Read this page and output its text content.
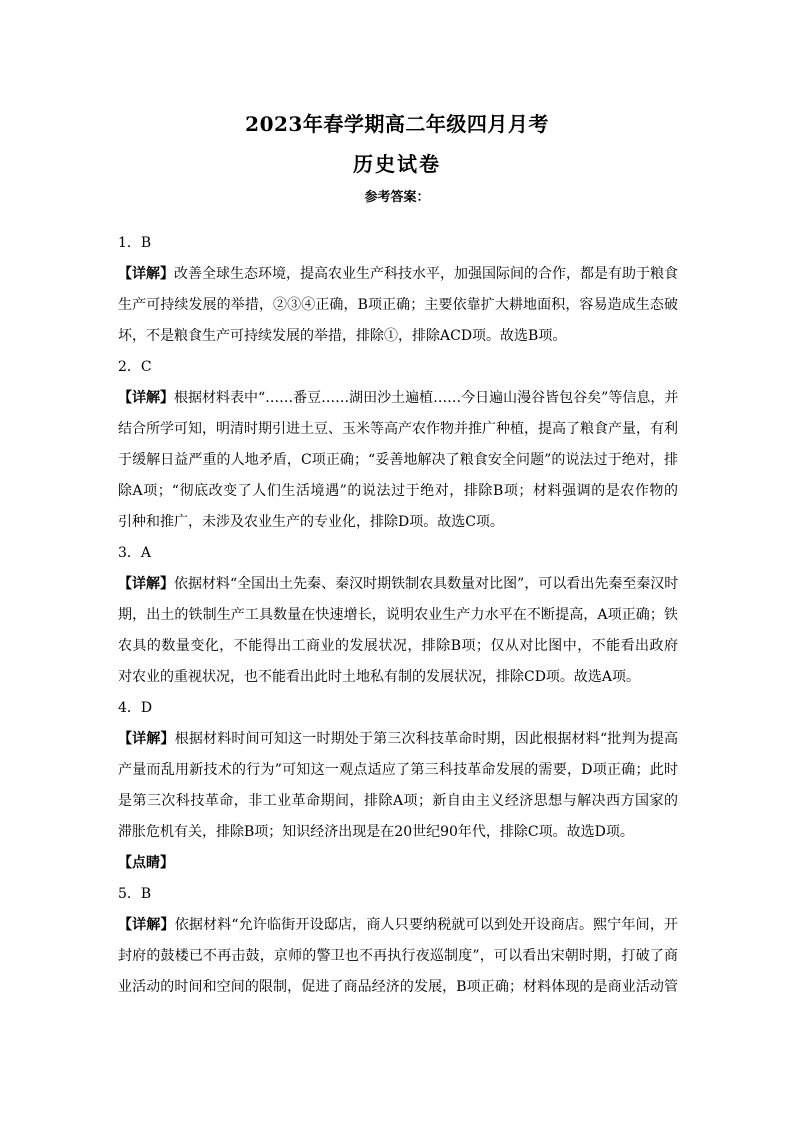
2023年春学期高二年级四月月考
历史试卷
参考答案：
1．B
【详解】改善全球生态环境，提高农业生产科技水平，加强国际间的合作，都是有助于粮食
生产可持续发展的举措，②③④正确，B项正确；主要依靠扩大耕地面积，容易造成生态破
坏，不是粮食生产可持续发展的举措，排除①，排除ACD项。故选B项。
2．C
【详解】根据材料表中“……番豆……湖田沙土遍植……今日遍山漫谷皆包谷矣”等信息，并
结合所学可知，明清时期引进土豆、玉米等高产农作物并推广种植，提高了粮食产量，有利
于缓解日益严重的人地矛盾，C项正确；“妥善地解决了粮食安全问题”的说法过于绝对，排
除A项；“彻底改变了人们生活境遇”的说法过于绝对，排除B项；材料强调的是农作物的
引种和推广，未涉及农业生产的专业化，排除D项。故选C项。
3．A
【详解】依据材料“全国出土先秦、秦汉时期铁制农具数量对比图”，可以看出先秦至秦汉时
期，出土的铁制生产工具数量在快速增长，说明农业生产力水平在不断提高，A项正确；铁
农具的数量变化，不能得出工商业的发展状况，排除B项；仅从对比图中，不能看出政府
对农业的重视状况，也不能看出此时土地私有制的发展状况，排除CD项。故选A项。
4．D
【详解】根据材料时间可知这一时期处于第三次科技革命时期，因此根据材料“批判为提高
产量而乱用新技术的行为”可知这一观点适应了第三科技革命发展的需要，D项正确；此时
是第三次科技革命，非工业革命期间，排除A项；新自由主义经济思想与解决西方国家的
滞胀危机有关，排除B项；知识经济出现是在20世纪90年代，排除C项。故选D项。
【点睛】
5．B
【详解】依据材料“允许临街开设邸店，商人只要纳税就可以到处开设商店。熙宁年间，开
封府的鼓楼已不再击鼓，京师的警卫也不再执行夜巡制度”，可以看出宋朝时期，打破了商
业活动的时间和空间的限制，促进了商品经济的发展，B项正确；材料体现的是商业活动管
